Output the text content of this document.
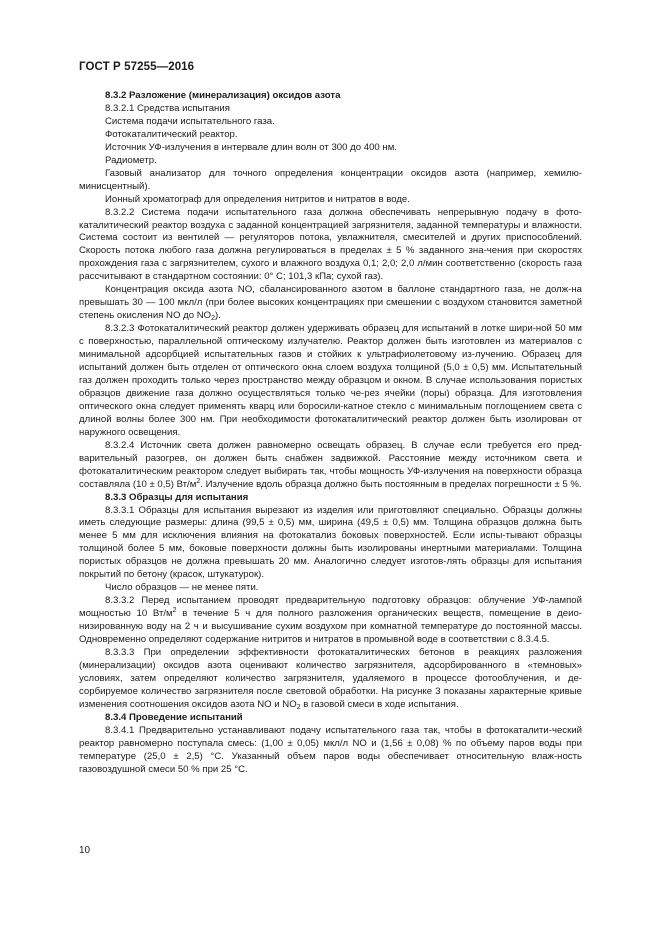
ГОСТ Р 57255—2016

8.3.2 Разложение (минерализация) оксидов азота

8.3.2.1 Средства испытания

Система подачи испытательного газа.

Фотокаталитический реактор.

Источник УФ-излучения в интервале длин волн от 300 до 400 нм.

Радиометр.

Газовый анализатор для точного определения концентрации оксидов азота (например, хемилю-минисцентный).

Ионный хроматограф для определения нитритов и нитратов в воде.

8.3.2.2 Система подачи испытательного газа должна обеспечивать непрерывную подачу в фото-каталитический реактор воздуха с заданной концентрацией загрязнителя, заданной температуры и влажности. Система состоит из вентилей — регуляторов потока, увлажнителя, смесителей и других приспособлений. Скорость потока любого газа должна регулироваться в пределах ± 5 % заданного зна-чения при скоростях прохождения газа с загрязнителем, сухого и влажного воздуха 0,1; 2,0; 2,0 л/мин соответственно (скорость газа рассчитывают в стандартном состоянии: 0° С; 101,3 кПа; сухой газ).

Концентрация оксида азота NO, сбалансированного азотом в баллоне стандартного газа, не долж-на превышать 30 — 100 мкл/л (при более высоких концентрациях при смешении с воздухом становится заметной степень окисления NO до $NO_2$).

8.3.2.3 Фотокаталитический реактор должен удерживать образец для испытаний в лотке шири-ной 50 мм с поверхностью, параллельной оптическому излучателю. Реактор должен быть изготовлен из материалов с минимальной адсорбцией испытательных газов и стойких к ультрафиолетовому из-лучению. Образец для испытаний должен быть отделен от оптического окна слоем воздуха толщиной (5,0 ± 0,5) мм. Испытательный газ должен проходить только через пространство между образцом и окном. В случае использования пористых образцов движение газа должно осуществляться только че-рез ячейки (поры) образца. Для изготовления оптического окна следует применять кварц или боросили-катное стекло с минимальным поглощением света с длиной волны более 300 нм. При необходимости фотокаталитический реактор должен быть изолирован от наружного освещения.

8.3.2.4 Источник света должен равномерно освещать образец. В случае если требуется его пред-варительный разогрев, он должен быть снабжен задвижкой. Расстояние между источником света и фотокаталитическим реактором следует выбирать так, чтобы мощность УФ-излучения на поверхности образца составляла (10 ± 0,5) $Вт/м^2$. Излучение вдоль образца должно быть постоянным в пределах погрешности ± 5 %.

8.3.3 Образцы для испытания

8.3.3.1 Образцы для испытания вырезают из изделия или приготовляют специально. Образцы должны иметь следующие размеры: длина (99,5 ± 0,5) мм, ширина (49,5 ± 0,5) мм. Толщина образцов должна быть менее 5 мм для исключения влияния на фотокатализ боковых поверхностей. Если испы-тывают образцы толщиной более 5 мм, боковые поверхности должны быть изолированы инертными материалами. Толщина пористых образцов не должна превышать 20 мм. Аналогично следует изготов-лять образцы для испытания покрытий по бетону (красок, штукатурок).

Число образцов — не менее пяти.

8.3.3.2 Перед испытанием проводят предварительную подготовку образцов: облучение УФ-лампой мощностью 10 $Вт/м^2$ в течение 5 ч для полного разложения органических веществ, помещение в деио-низированную воду на 2 ч и высушивание сухим воздухом при комнатной температуре до постоянной массы. Одновременно определяют содержание нитритов и нитратов в промывной воде в соответствии с 8.3.4.5.

8.3.3.3 При определении эффективности фотокаталитических бетонов в реакциях разложения (минерализации) оксидов азота оценивают количество загрязнителя, адсорбированного в «темновых» условиях, затем определяют количество загрязнителя, удаляемого в процессе фотооблучения, и де-сорбируемое количество загрязнителя после световой обработки. На рисунке 3 показаны характерные кривые изменения соотношения оксидов азота NO и $NO_2$ в газовой смеси в ходе испытания.

8.3.4 Проведение испытаний

8.3.4.1 Предварительно устанавливают подачу испытательного газа так, чтобы в фотокаталити-ческий реактор равномерно поступала смесь: (1,00 ± 0,05) мкл/л NO и (1,56 ± 0,08) % по объему паров воды при температуре (25,0 ± 2,5) °С. Указанный объем паров воды обеспечивает относительную влаж-ность газовоздушной смеси 50 % при 25 °С.

10
